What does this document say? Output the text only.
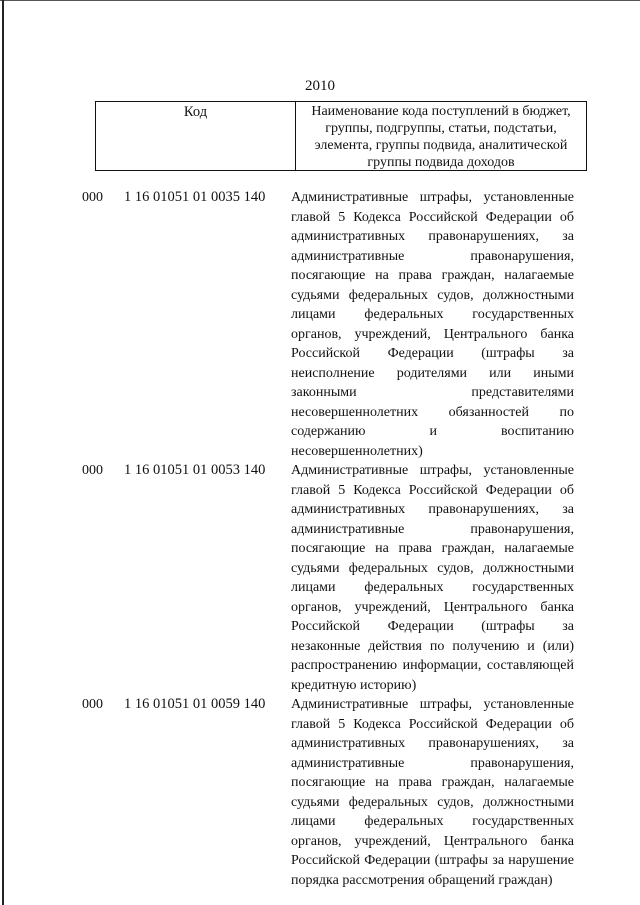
2010
Код	Наименование кода поступлений в бюджет, группы, подгруппы, статьи, подстатьи, элемента, группы подвида, аналитической группы подвида доходов
000 1 16 01051 01 0035 140	Административные штрафы, установленные главой 5 Кодекса Российской Федерации об административных правонарушениях, за административные правонарушения, посягающие на права граждан, налагаемые судьями федеральных судов, должностными лицами федеральных государственных органов, учреждений, Центрального банка Российской Федерации (штрафы за неисполнение родителями или иными законными представителями несовершеннолетних обязанностей по содержанию и воспитанию несовершеннолетних)
000 1 16 01051 01 0053 140	Административные штрафы, установленные главой 5 Кодекса Российской Федерации об административных правонарушениях, за административные правонарушения, посягающие на права граждан, налагаемые судьями федеральных судов, должностными лицами федеральных государственных органов, учреждений, Центрального банка Российской Федерации (штрафы за незаконные действия по получению и (или) распространению информации, составляющей кредитную историю)
000 1 16 01051 01 0059 140	Административные штрафы, установленные главой 5 Кодекса Российской Федерации об административных правонарушениях, за административные правонарушения, посягающие на права граждан, налагаемые судьями федеральных судов, должностными лицами федеральных государственных органов, учреждений, Центрального банка Российской Федерации (штрафы за нарушение порядка рассмотрения обращений граждан)
